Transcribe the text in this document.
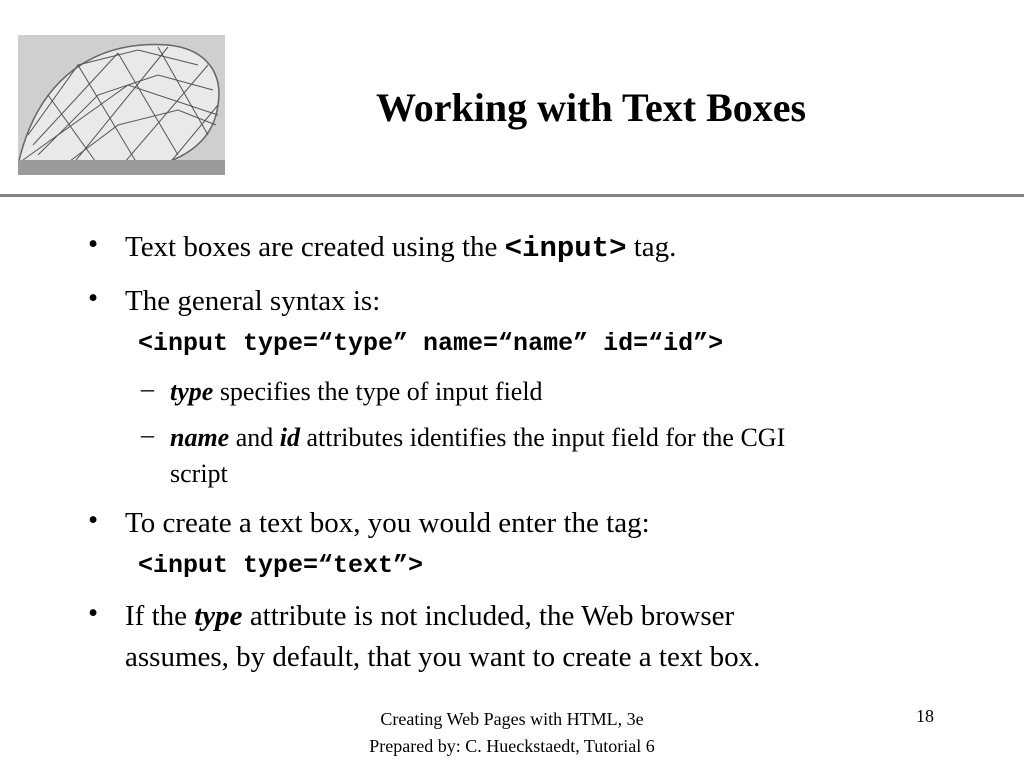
Working with Text Boxes
• Text boxes are created using the <input> tag.
• The general syntax is:
<input type=“type” name=“name” id=“id”>
– type specifies the type of input field
– name and id attributes identifies the input field for the CGI
script
• To create a text box, you would enter the tag:
<input type=“text”>
• If the type attribute is not included, the Web browser
assumes, by default, that you want to create a text box.
Creating Web Pages with HTML, 3e
Prepared by: C. Hueckstaedt, Tutorial 6
18
